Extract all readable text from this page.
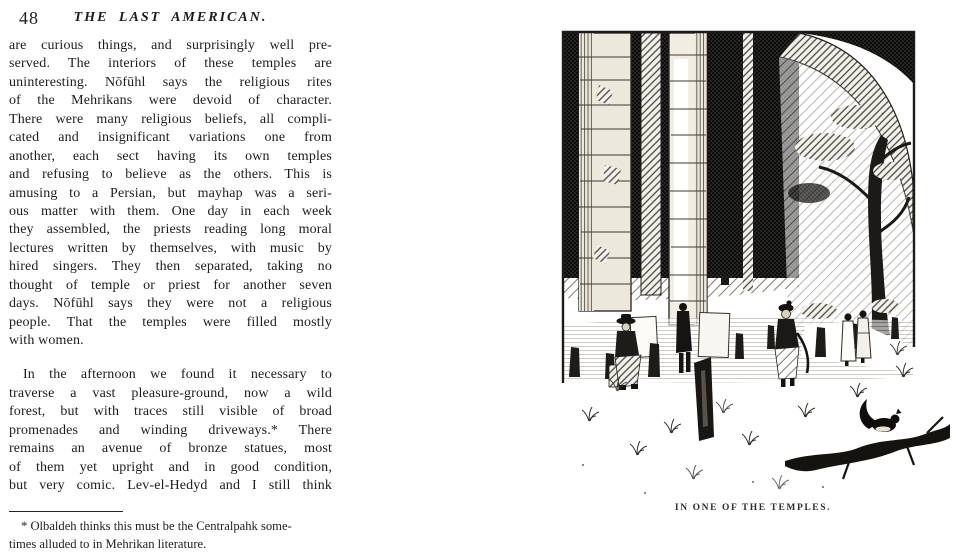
48	THE LAST AMERICAN.
are curious things, and surprisingly well pre-
served. The interiors of these temples are
uninteresting. Nōfūhl says the religious rites
of the Mehrikans were devoid of character.
There were many religious beliefs, all compli-
cated and insignificant variations one from
another, each sect having its own temples
and refusing to believe as the others. This is
amusing to a Persian, but mayhap was a seri-
ous matter with them. One day in each week
they assembled, the priests reading long moral
lectures written by themselves, with music by
hired singers. They then separated, taking no
thought of temple or priest for another seven
days. Nōfūhl says they were not a religious
people. That the temples were filled mostly
with women.
In the afternoon we found it necessary to
traverse a vast pleasure-ground, now a wild
forest, but with traces still visible of broad
promenades and winding driveways.* There
remains an avenue of bronze statues, most
of them yet upright and in good condition,
but very comic. Lev-el-Hedyd and I still think
* Olbaldeh thinks this must be the Centralpahk some-
times alluded to in Mehrikan literature.
IN ONE OF THE TEMPLES.
